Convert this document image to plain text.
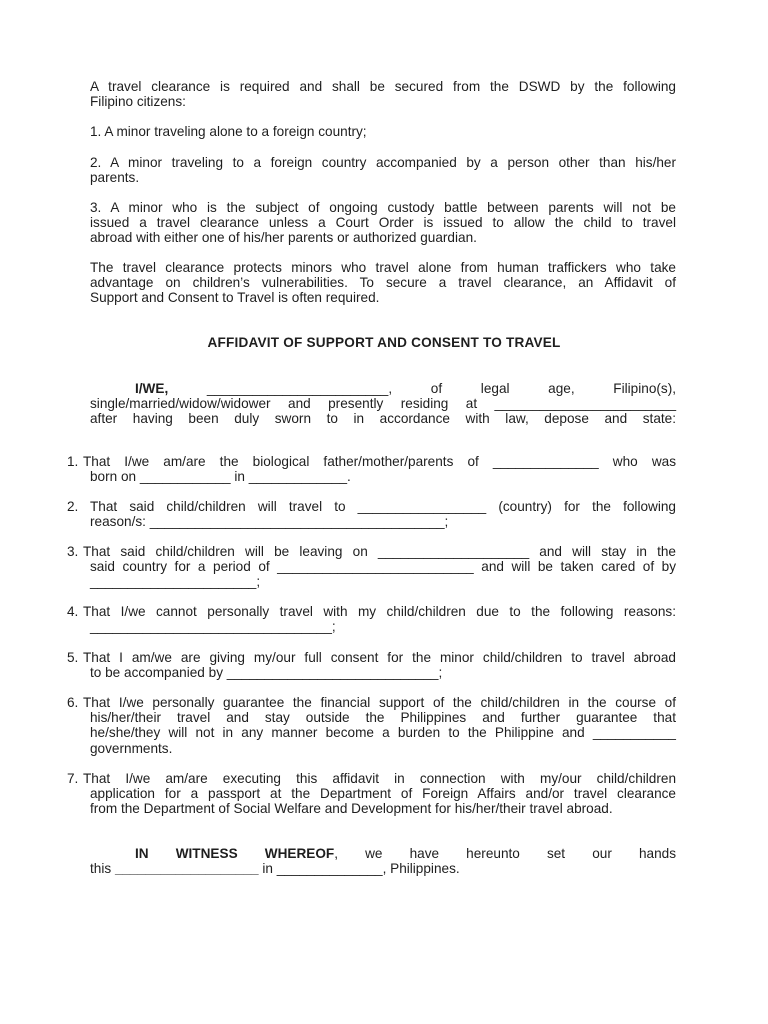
A travel clearance is required and shall be secured from the DSWD by the following
Filipino citizens:

1. A minor traveling alone to a foreign country;

2. A minor traveling to a foreign country accompanied by a person other than his/her
parents.

3. A minor who is the subject of ongoing custody battle between parents will not be
issued a travel clearance unless a Court Order is issued to allow the child to travel
abroad with either one of his/her parents or authorized guardian.

The travel clearance protects minors who travel alone from human traffickers who take
advantage on children’s vulnerabilities. To secure a travel clearance, an Affidavit of
Support and Consent to Travel is often required.

AFFIDAVIT OF SUPPORT AND CONSENT TO TRAVEL

I/WE,	________________________, of legal age, Filipino(s),
single/married/widow/widower and presently residing at ________________________
after having been duly sworn to in accordance with law, depose and state:

1. That I/we am/are the biological father/mother/parents of ______________ who was
born on ____________ in _____________.

2. That said child/children will travel to _________________ (country) for the following
reason/s: _______________________________________;

3. That said child/children will be leaving on ____________________ and will stay in the
said country for a period of __________________________ and will be taken cared of by
______________________;

4. That I/we cannot personally travel with my child/children due to the following reasons:
________________________________;

5. That I am/we are giving my/our full consent for the minor child/children to travel abroad
to be accompanied by ____________________________;

6. That I/we personally guarantee the financial support of the child/children in the course of
his/her/their travel and stay outside the Philippines and further guarantee that
he/she/they will not in any manner become a burden to the Philippine and ___________
governments.

7. That I/we am/are executing this affidavit in connection with my/our child/children
application for a passport at the Department of Foreign Affairs and/or travel clearance
from the Department of Social Welfare and Development for his/her/their travel abroad.

IN WITNESS WHEREOF, we have hereunto set our hands
this ___________________ in ______________, Philippines.
